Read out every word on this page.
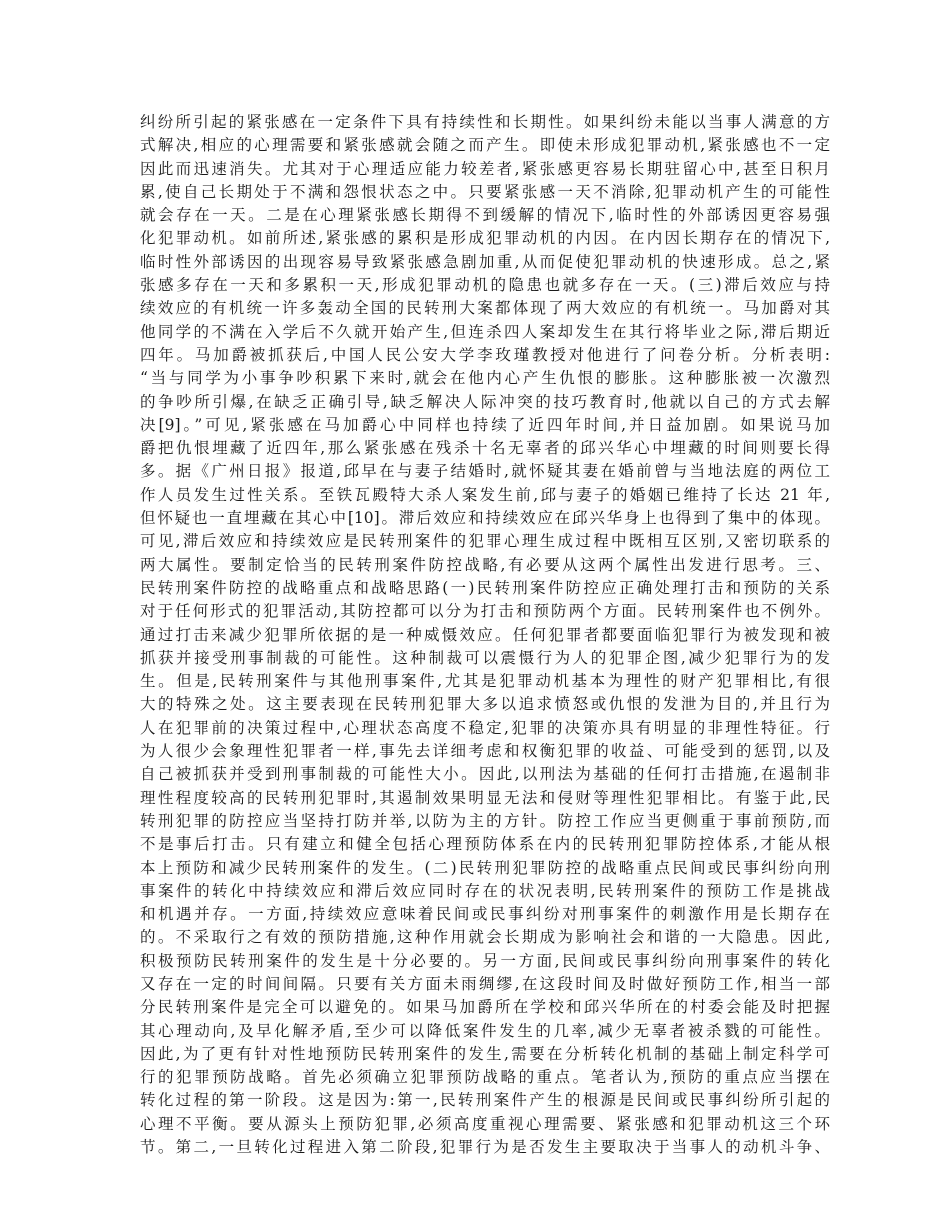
纠纷所引起的紧张感在一定条件下具有持续性和长期性。如果纠纷未能以当事人满意的方
式解决,相应的心理需要和紧张感就会随之而产生。即使未形成犯罪动机,紧张感也不一定
因此而迅速消失。尤其对于心理适应能力较差者,紧张感更容易长期驻留心中,甚至日积月
累,使自己长期处于不满和怨恨状态之中。只要紧张感一天不消除,犯罪动机产生的可能性
就会存在一天。二是在心理紧张感长期得不到缓解的情况下,临时性的外部诱因更容易强
化犯罪动机。如前所述,紧张感的累积是形成犯罪动机的内因。在内因长期存在的情况下,
临时性外部诱因的出现容易导致紧张感急剧加重,从而促使犯罪动机的快速形成。总之,紧
张感多存在一天和多累积一天,形成犯罪动机的隐患也就多存在一天。(三)滞后效应与持
续效应的有机统一许多轰动全国的民转刑大案都体现了两大效应的有机统一。马加爵对其
他同学的不满在入学后不久就开始产生,但连杀四人案却发生在其行将毕业之际,滞后期近
四年。马加爵被抓获后,中国人民公安大学李玫瑾教授对他进行了问卷分析。分析表明:
“当与同学为小事争吵积累下来时,就会在他内心产生仇恨的膨胀。这种膨胀被一次激烈
的争吵所引爆,在缺乏正确引导,缺乏解决人际冲突的技巧教育时,他就以自己的方式去解
决[9]。”可见,紧张感在马加爵心中同样也持续了近四年时间,并日益加剧。如果说马加
爵把仇恨埋藏了近四年,那么紧张感在残杀十名无辜者的邱兴华心中埋藏的时间则要长得
多。据《广州日报》报道,邱早在与妻子结婚时,就怀疑其妻在婚前曾与当地法庭的两位工
作人员发生过性关系。至铁瓦殿特大杀人案发生前,邱与妻子的婚姻已维持了长达 21 年,
但怀疑也一直埋藏在其心中[10]。滞后效应和持续效应在邱兴华身上也得到了集中的体现。
可见,滞后效应和持续效应是民转刑案件的犯罪心理生成过程中既相互区别,又密切联系的
两大属性。要制定恰当的民转刑案件防控战略,有必要从这两个属性出发进行思考。三、
民转刑案件防控的战略重点和战略思路(一)民转刑案件防控应正确处理打击和预防的关系
对于任何形式的犯罪活动,其防控都可以分为打击和预防两个方面。民转刑案件也不例外。
通过打击来减少犯罪所依据的是一种威慑效应。任何犯罪者都要面临犯罪行为被发现和被
抓获并接受刑事制裁的可能性。这种制裁可以震慑行为人的犯罪企图,减少犯罪行为的发
生。但是,民转刑案件与其他刑事案件,尤其是犯罪动机基本为理性的财产犯罪相比,有很
大的特殊之处。这主要表现在民转刑犯罪大多以追求愤怒或仇恨的发泄为目的,并且行为
人在犯罪前的决策过程中,心理状态高度不稳定,犯罪的决策亦具有明显的非理性特征。行
为人很少会象理性犯罪者一样,事先去详细考虑和权衡犯罪的收益、可能受到的惩罚,以及
自己被抓获并受到刑事制裁的可能性大小。因此,以刑法为基础的任何打击措施,在遏制非
理性程度较高的民转刑犯罪时,其遏制效果明显无法和侵财等理性犯罪相比。有鉴于此,民
转刑犯罪的防控应当坚持打防并举,以防为主的方针。防控工作应当更侧重于事前预防,而
不是事后打击。只有建立和健全包括心理预防体系在内的民转刑犯罪防控体系,才能从根
本上预防和减少民转刑案件的发生。(二)民转刑犯罪防控的战略重点民间或民事纠纷向刑
事案件的转化中持续效应和滞后效应同时存在的状况表明,民转刑案件的预防工作是挑战
和机遇并存。一方面,持续效应意味着民间或民事纠纷对刑事案件的刺激作用是长期存在
的。不采取行之有效的预防措施,这种作用就会长期成为影响社会和谐的一大隐患。因此,
积极预防民转刑案件的发生是十分必要的。另一方面,民间或民事纠纷向刑事案件的转化
又存在一定的时间间隔。只要有关方面未雨绸缪,在这段时间及时做好预防工作,相当一部
分民转刑案件是完全可以避免的。如果马加爵所在学校和邱兴华所在的村委会能及时把握
其心理动向,及早化解矛盾,至少可以降低案件发生的几率,减少无辜者被杀戮的可能性。
因此,为了更有针对性地预防民转刑案件的发生,需要在分析转化机制的基础上制定科学可
行的犯罪预防战略。首先必须确立犯罪预防战略的重点。笔者认为,预防的重点应当摆在
转化过程的第一阶段。这是因为:第一,民转刑案件产生的根源是民间或民事纠纷所引起的
心理不平衡。要从源头上预防犯罪,必须高度重视心理需要、紧张感和犯罪动机这三个环
节。第二,一旦转化过程进入第二阶段,犯罪行为是否发生主要取决于当事人的动机斗争、
